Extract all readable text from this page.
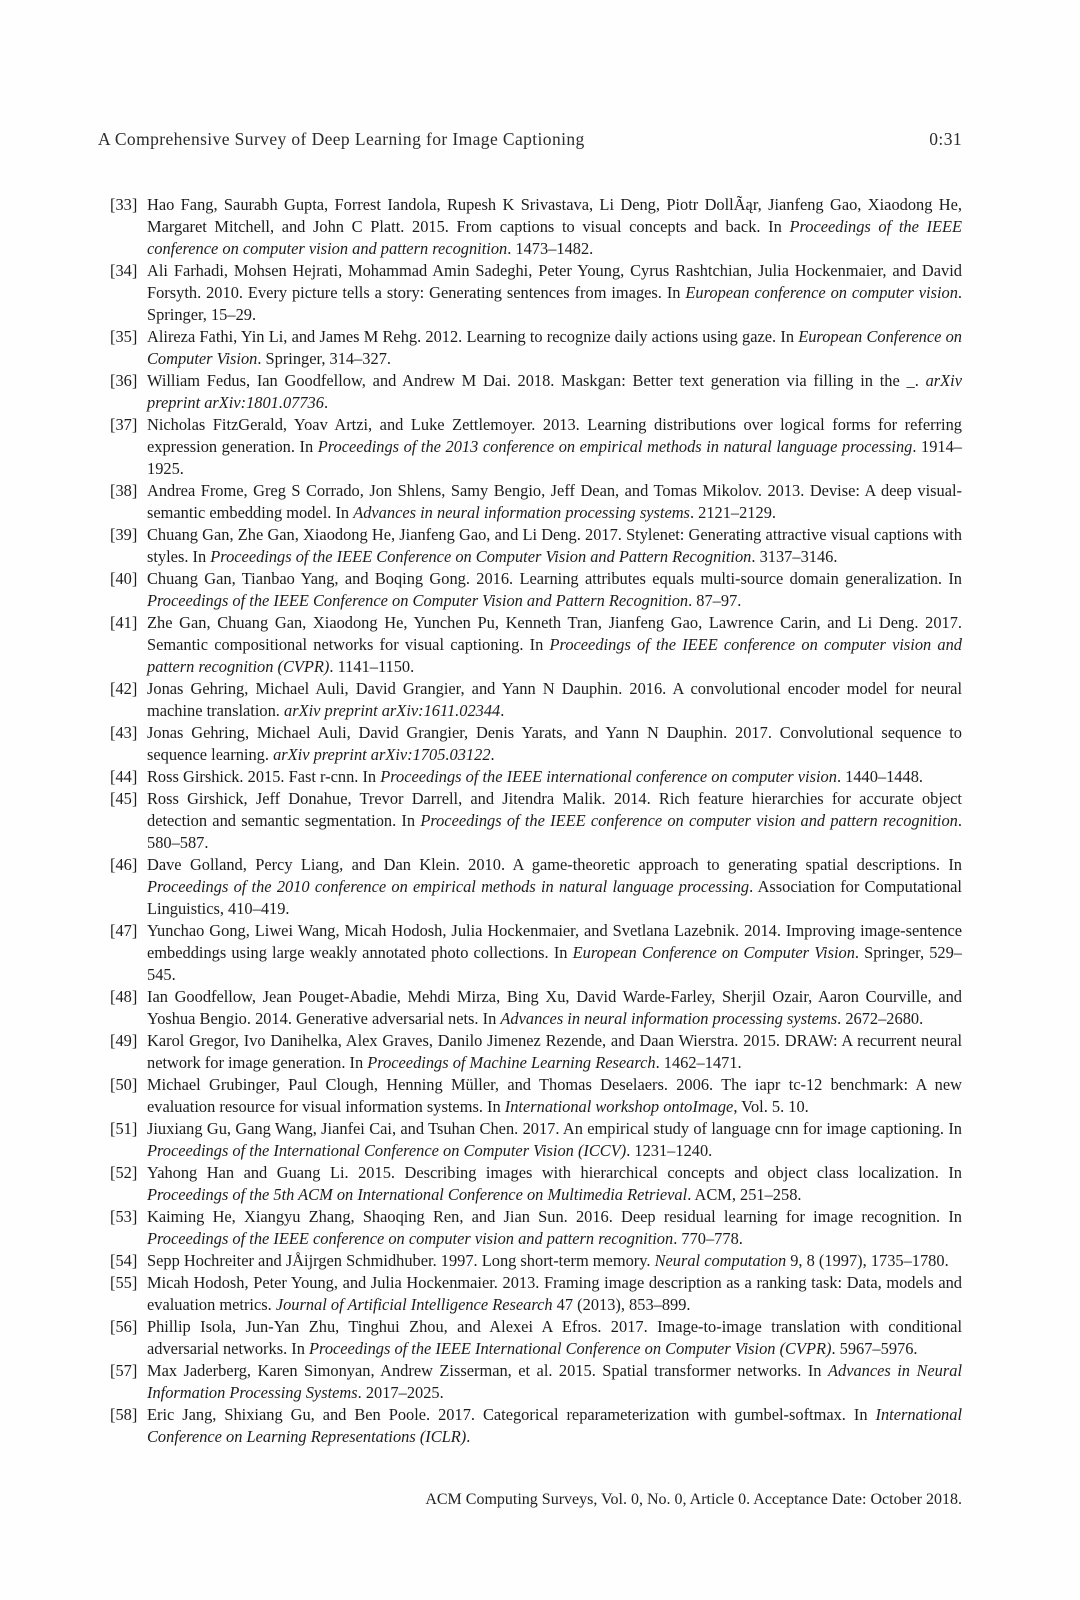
A Comprehensive Survey of Deep Learning for Image Captioning	0:31
[33] Hao Fang, Saurabh Gupta, Forrest Iandola, Rupesh K Srivastava, Li Deng, Piotr DollÃąr, Jianfeng Gao, Xiaodong He, Margaret Mitchell, and John C Platt. 2015. From captions to visual concepts and back. In Proceedings of the IEEE conference on computer vision and pattern recognition. 1473–1482.
[34] Ali Farhadi, Mohsen Hejrati, Mohammad Amin Sadeghi, Peter Young, Cyrus Rashtchian, Julia Hockenmaier, and David Forsyth. 2010. Every picture tells a story: Generating sentences from images. In European conference on computer vision. Springer, 15–29.
[35] Alireza Fathi, Yin Li, and James M Rehg. 2012. Learning to recognize daily actions using gaze. In European Conference on Computer Vision. Springer, 314–327.
[36] William Fedus, Ian Goodfellow, and Andrew M Dai. 2018. Maskgan: Better text generation via filling in the _. arXiv preprint arXiv:1801.07736.
[37] Nicholas FitzGerald, Yoav Artzi, and Luke Zettlemoyer. 2013. Learning distributions over logical forms for referring expression generation. In Proceedings of the 2013 conference on empirical methods in natural language processing. 1914–1925.
[38] Andrea Frome, Greg S Corrado, Jon Shlens, Samy Bengio, Jeff Dean, and Tomas Mikolov. 2013. Devise: A deep visual-semantic embedding model. In Advances in neural information processing systems. 2121–2129.
[39] Chuang Gan, Zhe Gan, Xiaodong He, Jianfeng Gao, and Li Deng. 2017. Stylenet: Generating attractive visual captions with styles. In Proceedings of the IEEE Conference on Computer Vision and Pattern Recognition. 3137–3146.
[40] Chuang Gan, Tianbao Yang, and Boqing Gong. 2016. Learning attributes equals multi-source domain generalization. In Proceedings of the IEEE Conference on Computer Vision and Pattern Recognition. 87–97.
[41] Zhe Gan, Chuang Gan, Xiaodong He, Yunchen Pu, Kenneth Tran, Jianfeng Gao, Lawrence Carin, and Li Deng. 2017. Semantic compositional networks for visual captioning. In Proceedings of the IEEE conference on computer vision and pattern recognition (CVPR). 1141–1150.
[42] Jonas Gehring, Michael Auli, David Grangier, and Yann N Dauphin. 2016. A convolutional encoder model for neural machine translation. arXiv preprint arXiv:1611.02344.
[43] Jonas Gehring, Michael Auli, David Grangier, Denis Yarats, and Yann N Dauphin. 2017. Convolutional sequence to sequence learning. arXiv preprint arXiv:1705.03122.
[44] Ross Girshick. 2015. Fast r-cnn. In Proceedings of the IEEE international conference on computer vision. 1440–1448.
[45] Ross Girshick, Jeff Donahue, Trevor Darrell, and Jitendra Malik. 2014. Rich feature hierarchies for accurate object detection and semantic segmentation. In Proceedings of the IEEE conference on computer vision and pattern recognition. 580–587.
[46] Dave Golland, Percy Liang, and Dan Klein. 2010. A game-theoretic approach to generating spatial descriptions. In Proceedings of the 2010 conference on empirical methods in natural language processing. Association for Computational Linguistics, 410–419.
[47] Yunchao Gong, Liwei Wang, Micah Hodosh, Julia Hockenmaier, and Svetlana Lazebnik. 2014. Improving image-sentence embeddings using large weakly annotated photo collections. In European Conference on Computer Vision. Springer, 529–545.
[48] Ian Goodfellow, Jean Pouget-Abadie, Mehdi Mirza, Bing Xu, David Warde-Farley, Sherjil Ozair, Aaron Courville, and Yoshua Bengio. 2014. Generative adversarial nets. In Advances in neural information processing systems. 2672–2680.
[49] Karol Gregor, Ivo Danihelka, Alex Graves, Danilo Jimenez Rezende, and Daan Wierstra. 2015. DRAW: A recurrent neural network for image generation. In Proceedings of Machine Learning Research. 1462–1471.
[50] Michael Grubinger, Paul Clough, Henning Müller, and Thomas Deselaers. 2006. The iapr tc-12 benchmark: A new evaluation resource for visual information systems. In International workshop ontoImage, Vol. 5. 10.
[51] Jiuxiang Gu, Gang Wang, Jianfei Cai, and Tsuhan Chen. 2017. An empirical study of language cnn for image captioning. In Proceedings of the International Conference on Computer Vision (ICCV). 1231–1240.
[52] Yahong Han and Guang Li. 2015. Describing images with hierarchical concepts and object class localization. In Proceedings of the 5th ACM on International Conference on Multimedia Retrieval. ACM, 251–258.
[53] Kaiming He, Xiangyu Zhang, Shaoqing Ren, and Jian Sun. 2016. Deep residual learning for image recognition. In Proceedings of the IEEE conference on computer vision and pattern recognition. 770–778.
[54] Sepp Hochreiter and JÅijrgen Schmidhuber. 1997. Long short-term memory. Neural computation 9, 8 (1997), 1735–1780.
[55] Micah Hodosh, Peter Young, and Julia Hockenmaier. 2013. Framing image description as a ranking task: Data, models and evaluation metrics. Journal of Artificial Intelligence Research 47 (2013), 853–899.
[56] Phillip Isola, Jun-Yan Zhu, Tinghui Zhou, and Alexei A Efros. 2017. Image-to-image translation with conditional adversarial networks. In Proceedings of the IEEE International Conference on Computer Vision (CVPR). 5967–5976.
[57] Max Jaderberg, Karen Simonyan, Andrew Zisserman, et al. 2015. Spatial transformer networks. In Advances in Neural Information Processing Systems. 2017–2025.
[58] Eric Jang, Shixiang Gu, and Ben Poole. 2017. Categorical reparameterization with gumbel-softmax. In International Conference on Learning Representations (ICLR).
ACM Computing Surveys, Vol. 0, No. 0, Article 0. Acceptance Date: October 2018.
